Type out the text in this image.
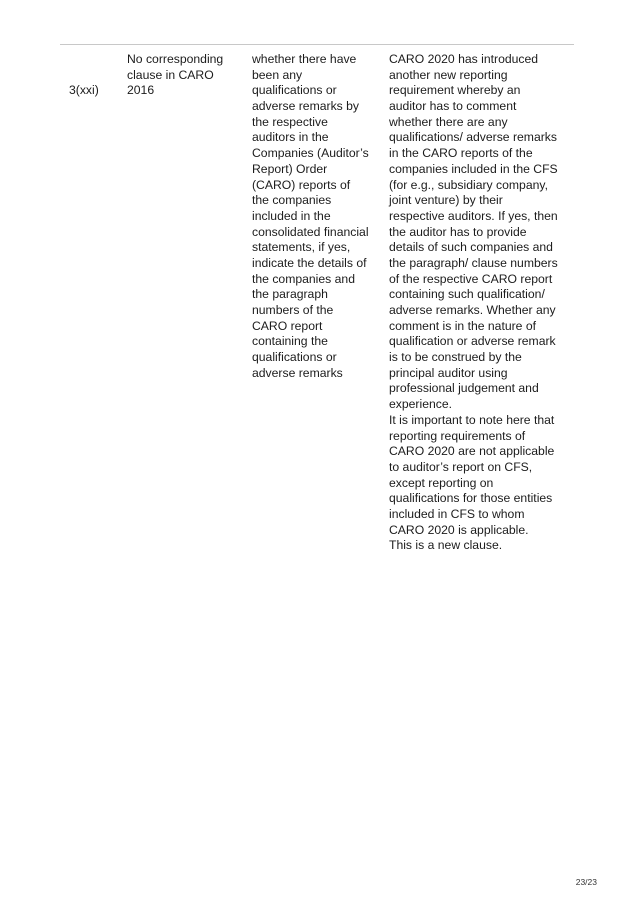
3(xxi)

No corresponding
clause in CARO
2016
whether there have
been any
qualifications or
adverse remarks by
the respective
auditors in the
Companies (Auditor’s
Report) Order
(CARO) reports of
the companies
included in the
consolidated financial
statements, if yes,
indicate the details of
the companies and
the paragraph
numbers of the
CARO report
containing the
qualifications or
adverse remarks
CARO 2020 has introduced
another new reporting
requirement whereby an
auditor has to comment
whether there are any
qualifications/ adverse remarks
in the CARO reports of the
companies included in the CFS
(for e.g., subsidiary company,
joint venture) by their
respective auditors. If yes, then
the auditor has to provide
details of such companies and
the paragraph/ clause numbers
of the respective CARO report
containing such qualification/
adverse remarks. Whether any
comment is in the nature of
qualification or adverse remark
is to be construed by the
principal auditor using
professional judgement and
experience.
It is important to note here that
reporting requirements of
CARO 2020 are not applicable
to auditor’s report on CFS,
except reporting on
qualifications for those entities
included in CFS to whom
CARO 2020 is applicable.
This is a new clause.
23/23
